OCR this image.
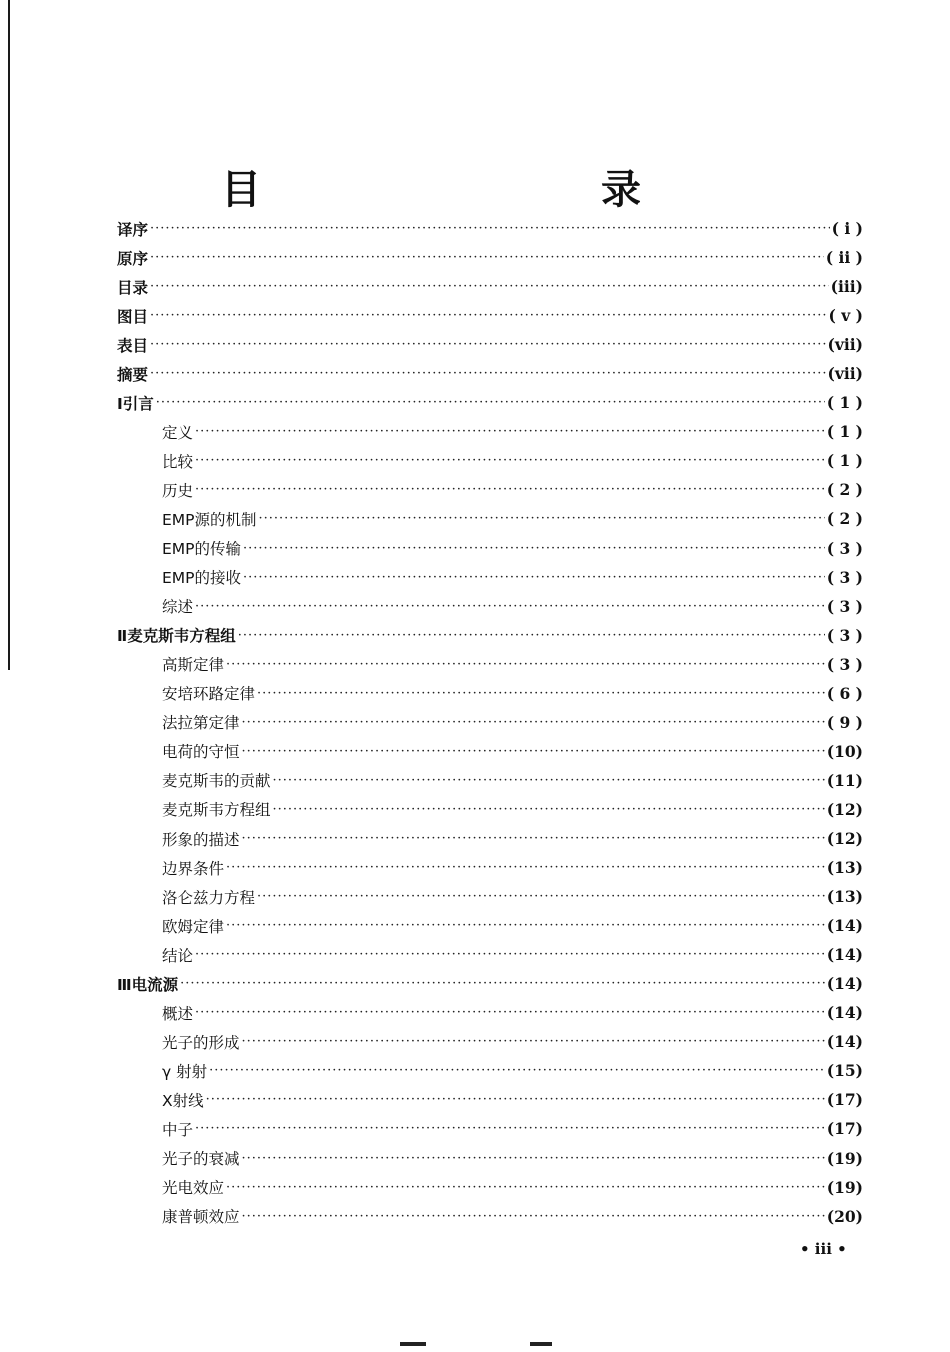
目　录
译序 ·····	( i )
原序 ·····	( ii )
目录 ·····	(iii)
图目 ·····	( v )
表目 ·····	(vii)
摘要 ·····	(vii)
Ⅰ引言 ·····	( 1 )
定义 ·····	( 1 )
比较 ·····	( 1 )
历史 ·····	( 2 )
EMP源的机制 ·····	( 2 )
EMP的传输 ·····	( 3 )
EMP的接收 ·····	( 3 )
综述 ·····	( 3 )
Ⅱ麦克斯韦方程组 ·····	( 3 )
高斯定律 ·····	( 3 )
安培环路定律 ·····	( 6 )
法拉第定律 ·····	( 9 )
电荷的守恒 ·····	(10)
麦克斯韦的贡献 ·····	(11)
麦克斯韦方程组 ·····	(12)
形象的描述 ·····	(12)
边界条件 ·····	(13)
洛仑兹力方程 ·····	(13)
欧姆定律 ·····	(14)
结论 ·····	(14)
Ⅲ电流源 ·····	(14)
概述 ·····	(14)
光子的形成 ·····	(14)
γ 射射 ·····	(15)
X射线 ·····	(17)
中子 ·····	(17)
光子的衰减 ·····	(19)
光电效应 ·····	(19)
康普顿效应 ·····	(20)
• iii •
